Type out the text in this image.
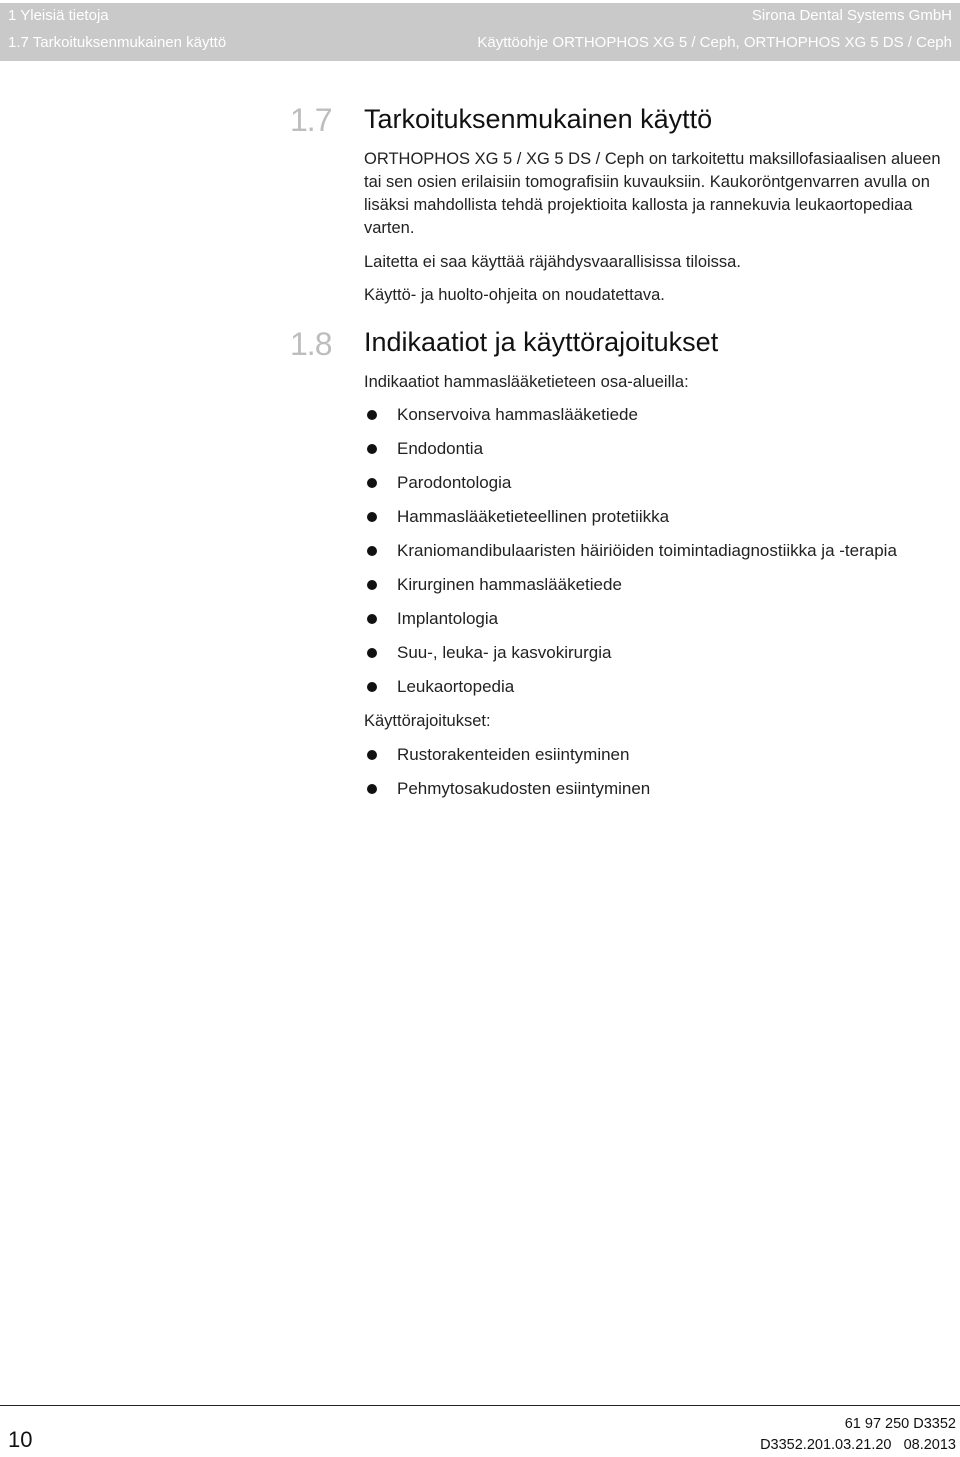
1 Yleisiä tietoja	Sirona Dental Systems GmbH
1.7 Tarkoituksenmukainen käyttö	Käyttöohje ORTHOPHOS XG 5 / Ceph, ORTHOPHOS XG 5 DS / Ceph
1.7	Tarkoituksenmukainen käyttö
ORTHOPHOS XG 5 / XG 5 DS / Ceph on tarkoitettu maksillofasiaalisen alueen tai sen osien erilaisiin tomografisiin kuvauksiin. Kaukoröntgenvarren avulla on lisäksi mahdollista tehdä projektioita kallosta ja rannekuvia leukaortopediaa varten.
Laitetta ei saa käyttää räjähdysvaarallisissa tiloissa.
Käyttö- ja huolto-ohjeita on noudatettava.
1.8	Indikaatiot ja käyttörajoitukset
Indikaatiot hammaslääketieteen osa-alueilla:
Konservoiva hammaslääketiede
Endodontia
Parodontologia
Hammaslääketieteellinen protetiikka
Kraniomandibulaaristen häiriöiden toimintadiagnostiikka ja -terapia
Kirurginen hammaslääketiede
Implantologia
Suu-, leuka- ja kasvokirurgia
Leukaortopedia
Käyttörajoitukset:
Rustorakenteiden esiintyminen
Pehmytosakudosten esiintyminen
10
61 97 250 D3352
D3352.201.03.21.20 08.2013
